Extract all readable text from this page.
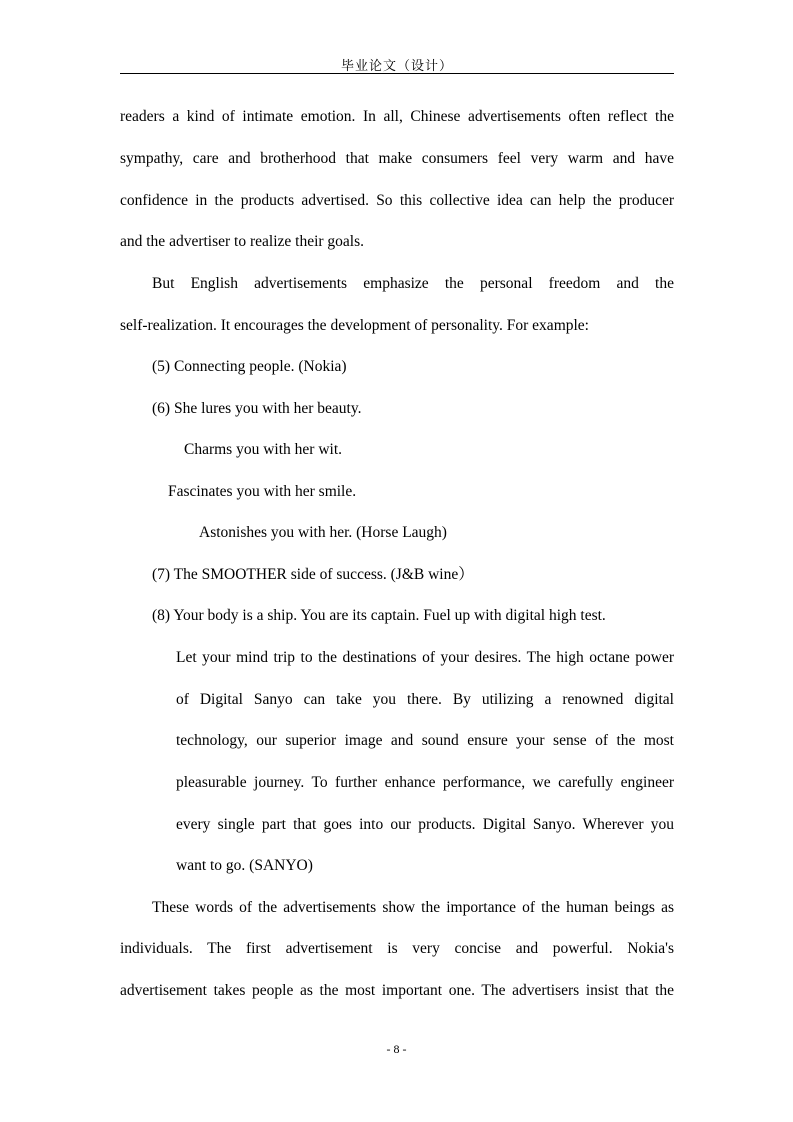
毕业论文（设计）
readers a kind of intimate emotion. In all, Chinese advertisements often reflect the
sympathy, care and brotherhood that make consumers feel very warm and have
confidence in the products advertised. So this collective idea can help the producer
and the advertiser to realize their goals.
But English advertisements emphasize the personal freedom and the
self-realization. It encourages the development of personality. For example:
(5) Connecting people. (Nokia)
(6) She lures you with her beauty.
Charms you with her wit.
Fascinates you with her smile.
Astonishes you with her. (Horse Laugh)
(7) The SMOOTHER side of success. (J&B wine）
(8) Your body is a ship. You are its captain. Fuel up with digital high test.
Let your mind trip to the destinations of your desires. The high octane power
of Digital Sanyo can take you there. By utilizing a renowned digital
technology, our superior image and sound ensure your sense of the most
pleasurable journey. To further enhance performance, we carefully engineer
every single part that goes into our products. Digital Sanyo. Wherever you
want to go. (SANYO)
These words of the advertisements show the importance of the human beings as
individuals. The first advertisement is very concise and powerful. Nokia's
advertisement takes people as the most important one. The advertisers insist that the
- 8 -
